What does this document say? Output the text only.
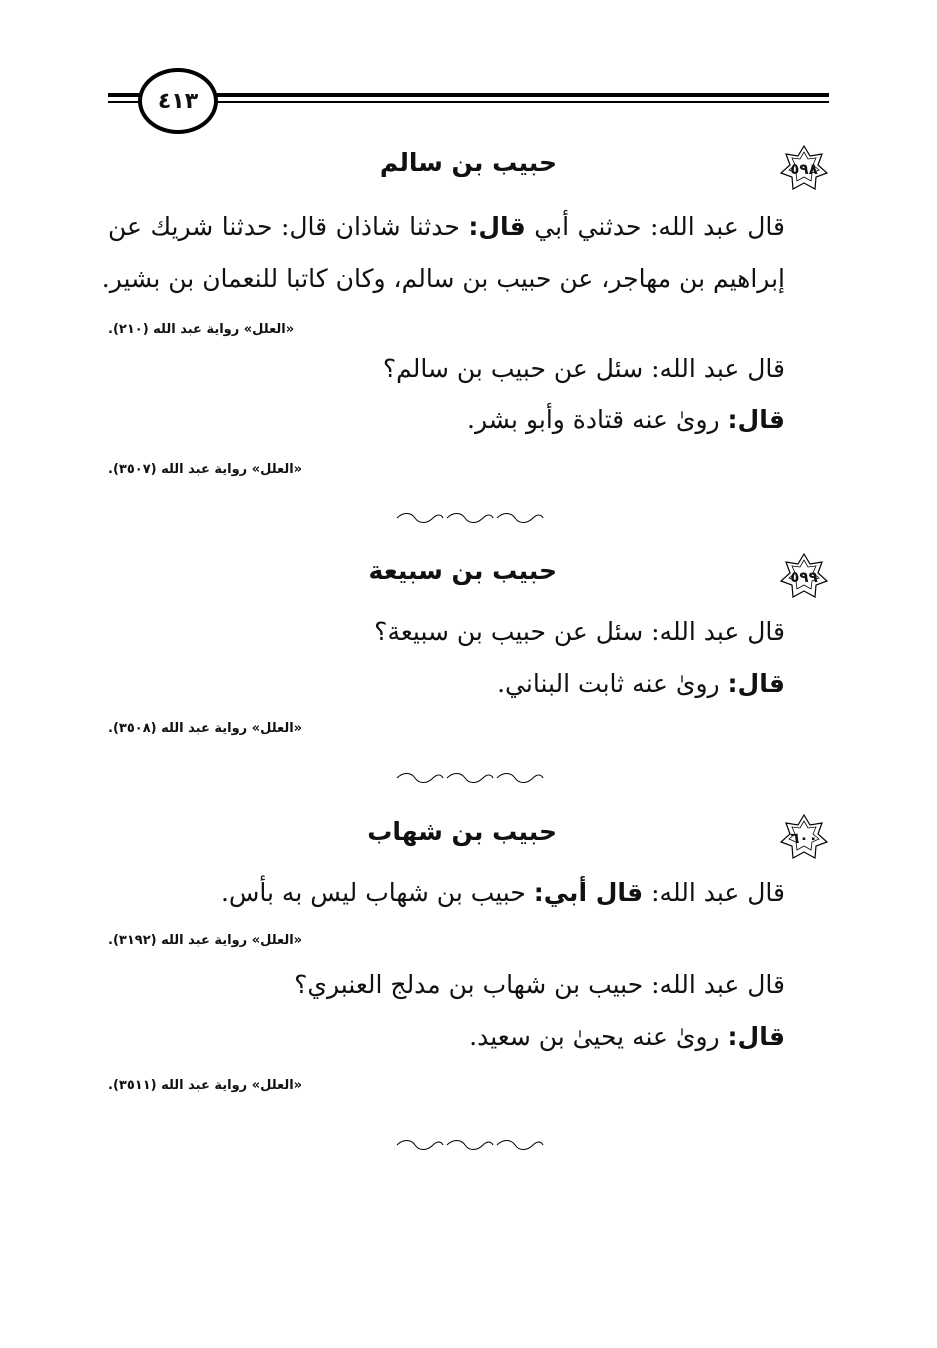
٤١٣
٥٩٨
حبيب بن سالم
قال عبد الله: حدثني أبي قال: حدثنا شاذان قال: حدثنا شريك عن
إبراهيم بن مهاجر، عن حبيب بن سالم، وكان كاتبا للنعمان بن بشير.
«العلل» رواية عبد الله (٢١٠).
قال عبد الله: سئل عن حبيب بن سالم؟
قال: رویٰ عنه قتادة وأبو بشر.
«العلل» رواية عبد الله (٣٥٠٧).
٥٩٩
حبيب بن سبيعة
قال عبد الله: سئل عن حبيب بن سبيعة؟
قال: رویٰ عنه ثابت البناني.
«العلل» رواية عبد الله (٣٥٠٨).
٦٠٠
حبيب بن شهاب
قال عبد الله: قال أبي: حبيب بن شهاب ليس به بأس.
«العلل» رواية عبد الله (٣١٩٢).
قال عبد الله: حبيب بن شهاب بن مدلج العنبري؟
قال: رویٰ عنه يحيیٰ بن سعيد.
«العلل» رواية عبد الله (٣٥١١).
